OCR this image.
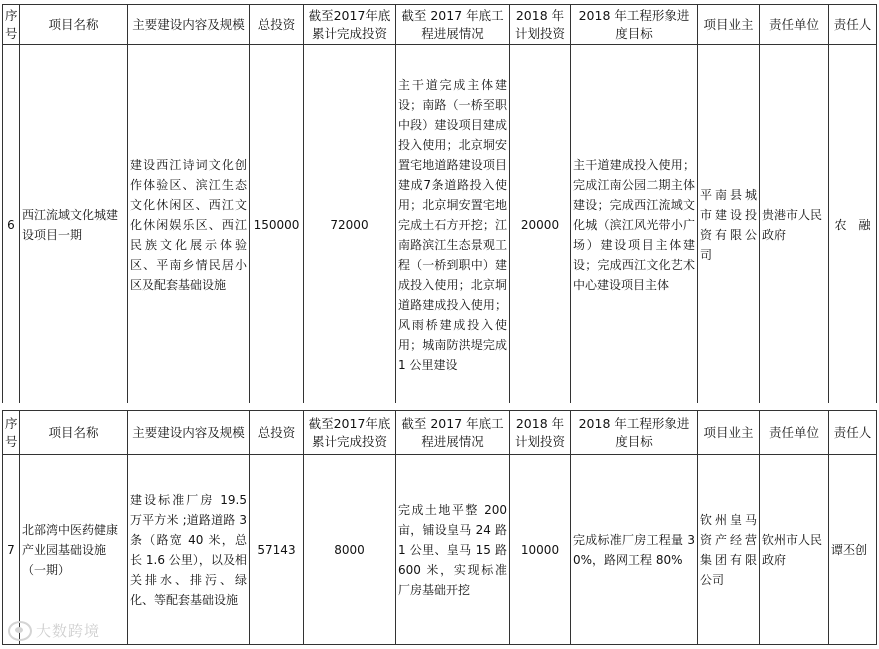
序号	项目名称	主要建设内容及规模	总投资	截至2017年底累计完成投资	截至 2017 年底工程进展情况	2018 年计划投资	2018 年工程形象进度目标	项目业主	责任单位	责任人
6	西江流域文化城建设项目一期	建设西江诗词文化创作体验区、滨江生态文化休闲区、西江文化休闲娱乐区、西江民族文化展示体验区、平南乡情民居小区及配套基础设施	150000	72000	主干道完成主体建设；南路（一桥至职中段）建设项目建成投入使用；北京垌安置宅地道路建设项目建成7条道路投入使用；北京垌安置宅地完成土石方开挖；江南路滨江生态景观工程（一桥到职中）建成投入使用；北京垌道路建成投入使用；风雨桥建成投入使用；城南防洪堤完成 1 公里建设	20000	主干道建成投入使用；完成江南公园二期主体建设；完成西江流域文化城（滨江风光带小广场）建设项目主体建设；完成西江文化艺术中心建设项目主体	平南县城市建设投资有限公司	贵港市人民政府	农　融
序号	项目名称	主要建设内容及规模	总投资	截至2017年底累计完成投资	截至 2017 年底工程进展情况	2018 年计划投资	2018 年工程形象进度目标	项目业主	责任单位	责任人
7	北部湾中医药健康产业园基础设施（一期）	建设标准厂房 19.5 万平方米 ;道路道路 3 条（路宽 40 米，总长 1.6 公里），以及相关排水、排污、绿化、等配套基础设施	57143	8000	完成土地平整 200 亩，铺设皇马 24 路 1 公里、皇马 15 路 600 米，实现标准厂房基础开挖	10000	完成标准厂房工程量 30%，路网工程 80%	钦州皇马资产经营集团有限公司	钦州市人民政府	谭丕创
大数跨境
